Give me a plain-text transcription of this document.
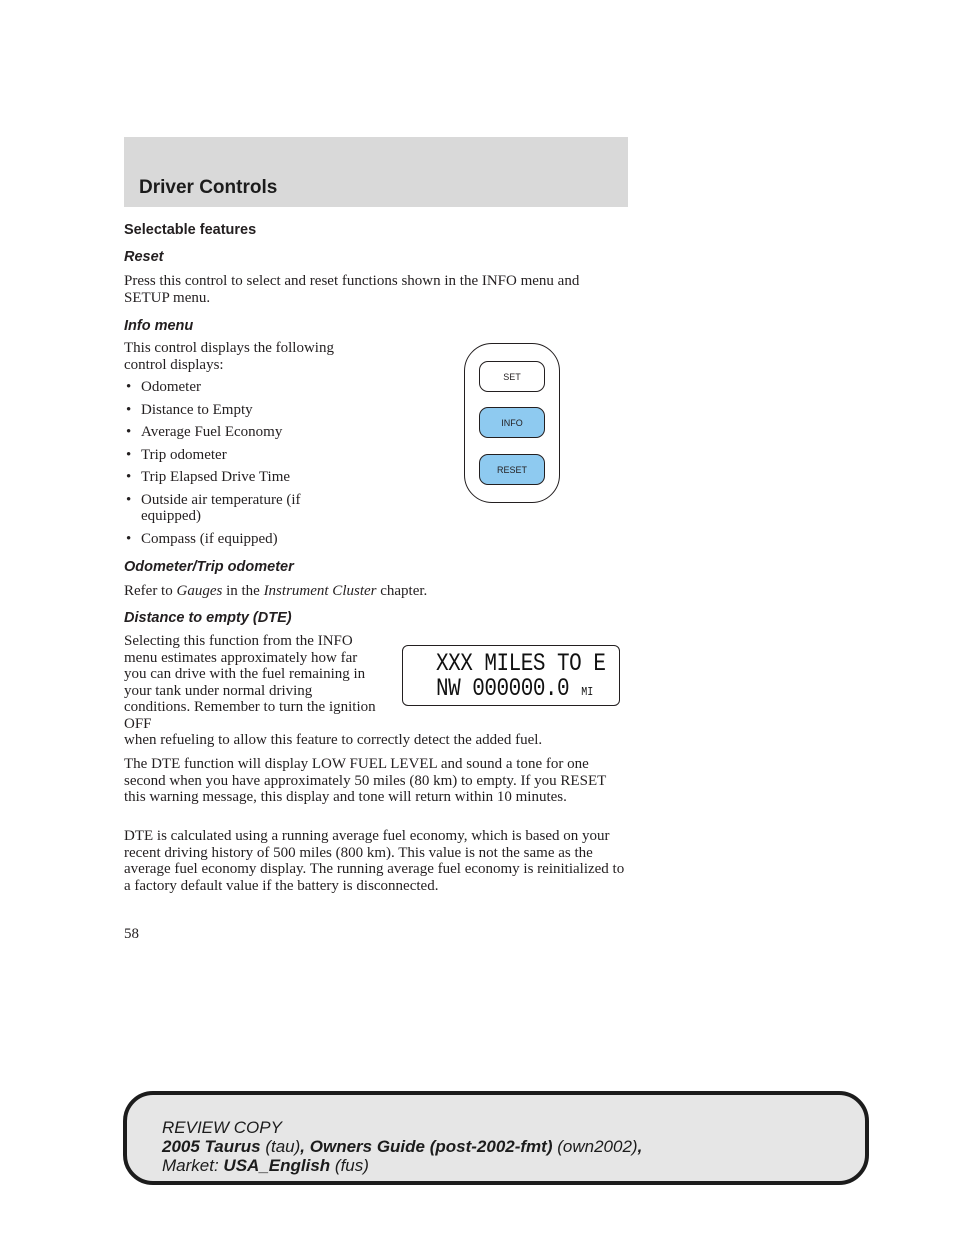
Driver Controls
Selectable features
Reset

Press this control to select and reset functions shown in the INFO menu and SETUP menu.

Info menu

This control displays the following control displays:

• Odometer
• Distance to Empty
• Average Fuel Economy
• Trip odometer
• Trip Elapsed Drive Time
• Outside air temperature (if equipped)
• Compass (if equipped)
SET
INFO
RESET
Odometer/Trip odometer

Refer to Gauges in the Instrument Cluster chapter.

Distance to empty (DTE)

Selecting this function from the INFO menu estimates approximately how far you can drive with the fuel remaining in your tank under normal driving conditions. Remember to turn the ignition OFF

when refueling to allow this feature to correctly detect the added fuel.

The DTE function will display LOW FUEL LEVEL and sound a tone for one second when you have approximately 50 miles (80 km) to empty. If you RESET this warning message, this display and tone will return within 10 minutes.

DTE is calculated using a running average fuel economy, which is based on your recent driving history of 500 miles (800 km). This value is not the same as the average fuel economy display. The running average fuel economy is reinitialized to a factory default value if the battery is disconnected.

XXX MILES TO E
NW 000000.0 MI

58

REVIEW COPY
2005 Taurus (tau), Owners Guide (post-2002-fmt) (own2002),
Market: USA_English (fus)
